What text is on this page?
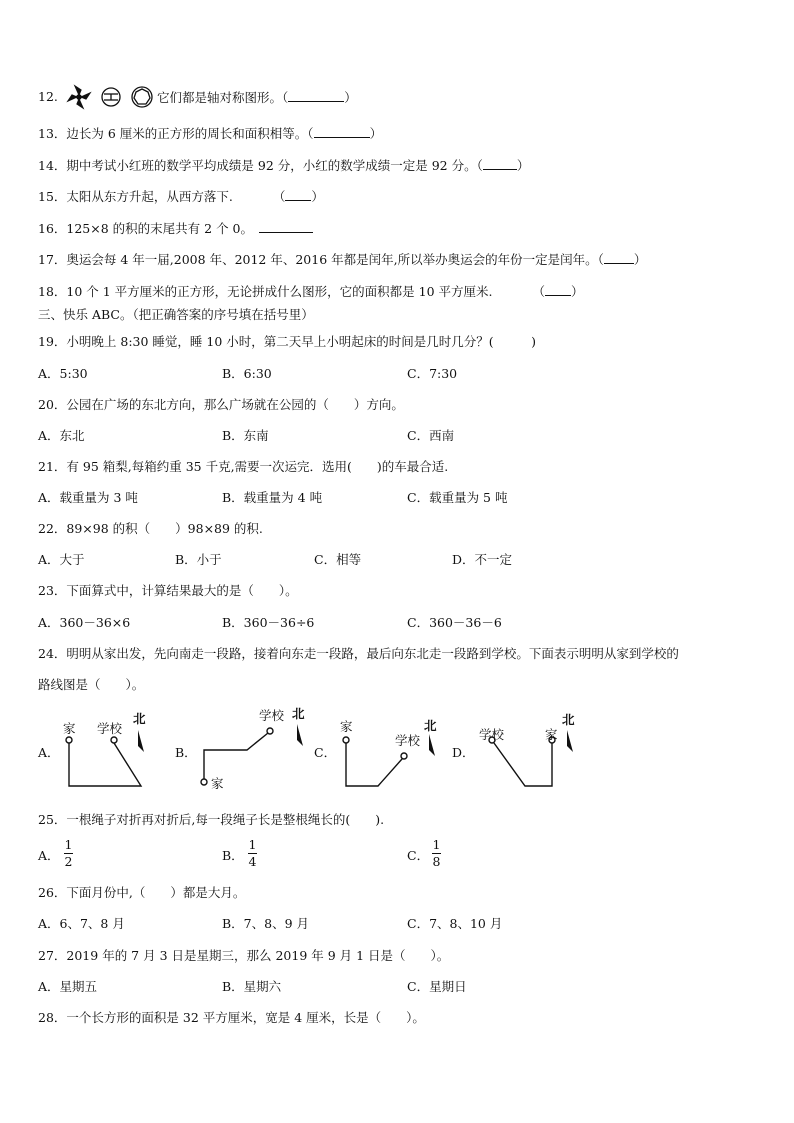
12.	它们都是轴对称图形。（	）
13．边长为 6 厘米的正方形的周长和面积相等。（	）
14．期中考试小红班的数学平均成绩是 92 分，小红的数学成绩一定是 92 分。（	）
15．太阳从东方升起，从西方落下.	（ ）
16．125×8 的积的末尾共有 2 个 0。
17．奥运会每 4 年一届,2008 年、2012 年、2016 年都是闰年,所以举办奥运会的年份一定是闰年。（ ）
18．10 个 1 平方厘米的正方形，无论拼成什么图形，它的面积都是 10 平方厘米.	（ ）
三、快乐 ABC。（把正确答案的序号填在括号里）
19．小明晚上 8:30 睡觉，睡 10 小时，第二天早上小明起床的时间是几时几分？(　　　)
A．5:30	B．6:30	C．7:30
20．公园在广场的东北方向，那么广场就在公园的（　　）方向。
A．东北	B．东南	C．西南
21．有 95 箱梨,每箱约重 35 千克,需要一次运完．选用(　　)的车最合适.
A．载重量为 3 吨	B．载重量为 4 吨	C．载重量为 5 吨
22．89×98 的积（　　）98×89 的积.
A．大于	B．小于	C．相等	D．不一定
23．下面算式中，计算结果最大的是（　　）。
A．360－36×6	B．360－36÷6	C．360－36－6
24．明明从家出发，先向南走一段路，接着向东走一段路，最后向东北走一段路到学校。下面表示明明从家到学校的
路线图是（　　）。
A．	B．	C．	D．
家 学校
北
家
学校 北
家
学校
北
学校	家
北
25．一根绳子对折再对折后,每一段绳子长是整根绳长的(　　).
A．
1
2	B．
1
4	C．
1
8
26．下面月份中,（　　）都是大月。
A．6、7、8 月	B．7、8、9 月	C．7、8、10 月
27．2019 年的 7 月 3 日是星期三，那么 2019 年 9 月 1 日是（　　）。
A．星期五	B．星期六	C．星期日
28．一个长方形的面积是 32 平方厘米，宽是 4 厘米，长是（　　）。
